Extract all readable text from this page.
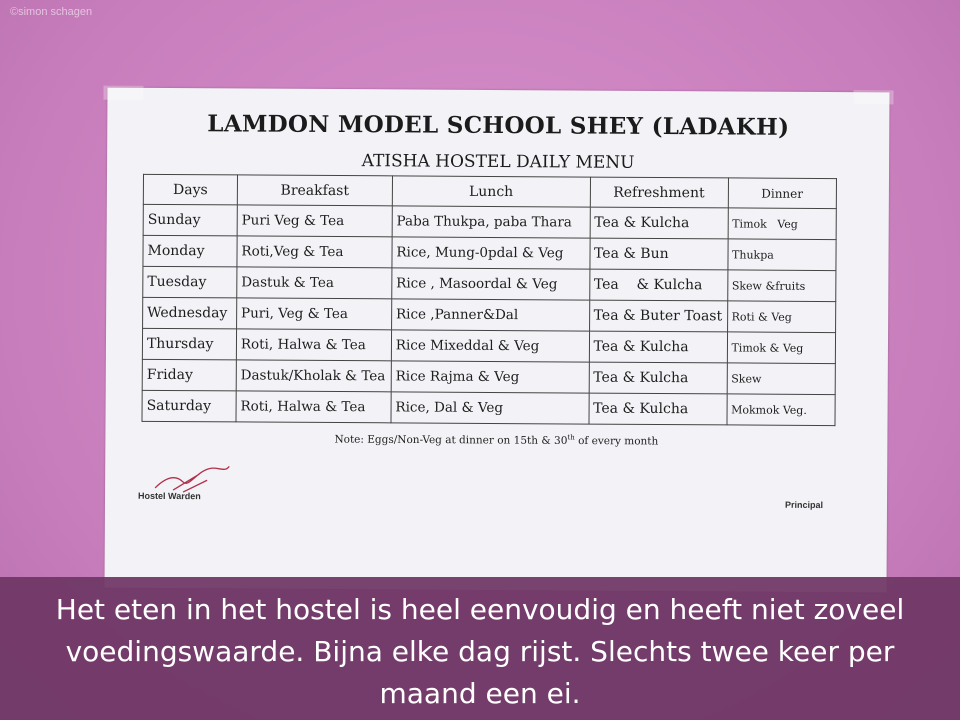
©simon schagen
LAMDON MODEL SCHOOL SHEY (LADAKH)
ATISHA HOSTEL DAILY MENU
Days	Breakfast	Lunch	Refreshment	Dinner
Sunday	Puri Veg & Tea	Paba Thukpa, paba Thara	Tea & Kulcha	Timok   Veg
Monday	Roti,Veg & Tea	Rice, Mung-0pdal & Veg	Tea & Bun	Thukpa
Tuesday	Dastuk & Tea	Rice , Masoordal & Veg	Tea    & Kulcha	Skew &fruits
Wednesday	Puri, Veg & Tea	Rice ,Panner&Dal	Tea & Buter Toast	Roti & Veg
Thursday	Roti, Halwa & Tea	Rice Mixeddal & Veg	Tea & Kulcha	Timok & Veg
Friday	Dastuk/Kholak & Tea	Rice Rajma & Veg	Tea & Kulcha	Skew
Saturday	Roti, Halwa & Tea	Rice, Dal & Veg	Tea & Kulcha	Mokmok Veg.
Note: Eggs/Non-Veg at dinner on 15th & 30th of every month
Hostel Warden
Principal
Het eten in het hostel is heel eenvoudig en heeft niet zoveel voedingswaarde. Bijna elke dag rijst. Slechts twee keer per maand een ei.
